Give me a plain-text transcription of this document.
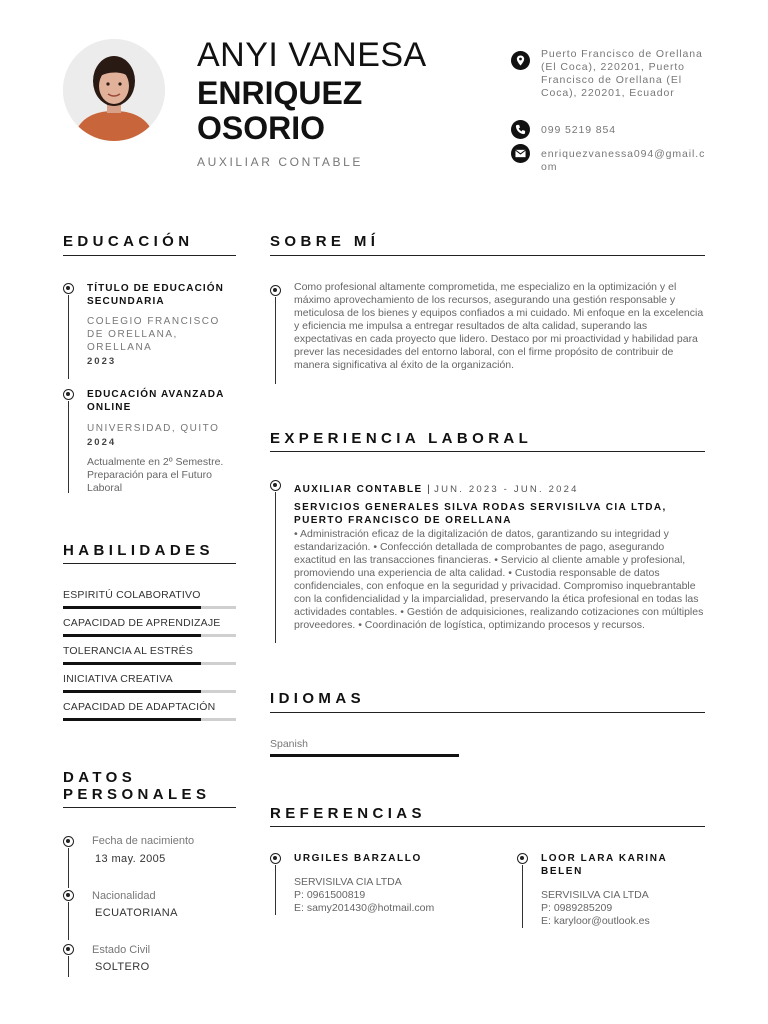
ANYI VANESA
ENRIQUEZ
OSORIO
AUXILIAR CONTABLE
Puerto Francisco de Orellana (El Coca), 220201, Puerto Francisco de Orellana (El Coca), 220201, Ecuador
099 5219 854
enriquezvanessa094@gmail.com
EDUCACIÓN
TÍTULO DE EDUCACIÓN SECUNDARIA
COLEGIO FRANCISCO DE ORELLANA, ORELLANA
2023
EDUCACIÓN AVANZADA ONLINE
UNIVERSIDAD, QUITO
2024
Actualmente en 2º Semestre. Preparación para el Futuro Laboral
HABILIDADES
ESPIRITÚ COLABORATIVO
CAPACIDAD DE APRENDIZAJE
TOLERANCIA AL ESTRÉS
INICIATIVA CREATIVA
CAPACIDAD DE ADAPTACIÓN
DATOS
PERSONALES
Fecha de nacimiento
13 may. 2005
Nacionalidad
ECUATORIANA
Estado Civil
SOLTERO
SOBRE MÍ
Como profesional altamente comprometida, me especializo en la optimización y el máximo aprovechamiento de los recursos, asegurando una gestión responsable y meticulosa de los bienes y equipos confiados a mi cuidado. Mi enfoque en la excelencia y eficiencia me impulsa a entregar resultados de alta calidad, superando las expectativas en cada proyecto que lidero. Destaco por mi proactividad y habilidad para prever las necesidades del entorno laboral, con el firme propósito de contribuir de manera significativa al éxito de la organización.
EXPERIENCIA LABORAL
AUXILIAR CONTABLE | JUN. 2023 - JUN. 2024
SERVICIOS GENERALES SILVA RODAS SERVISILVA CIA LTDA, PUERTO FRANCISCO DE ORELLANA
• Administración eficaz de la digitalización de datos, garantizando su integridad y estandarización. • Confección detallada de comprobantes de pago, asegurando exactitud en las transacciones financieras. • Servicio al cliente amable y profesional, promoviendo una experiencia de alta calidad. • Custodia responsable de datos confidenciales, con enfoque en la seguridad y privacidad. Compromiso inquebrantable con la confidencialidad y la imparcialidad, preservando la ética profesional en todas las actividades contables. • Gestión de adquisiciones, realizando cotizaciones con múltiples proveedores. • Coordinación de logística, optimizando procesos y recursos.
IDIOMAS
Spanish
REFERENCIAS
URGILES BARZALLO
SERVISILVA CIA LTDA
P: 0961500819
E: samy201430@hotmail.com
LOOR LARA KARINA BELEN
SERVISILVA CIA LTDA
P: 0989285209
E: karyloor@outlook.es
